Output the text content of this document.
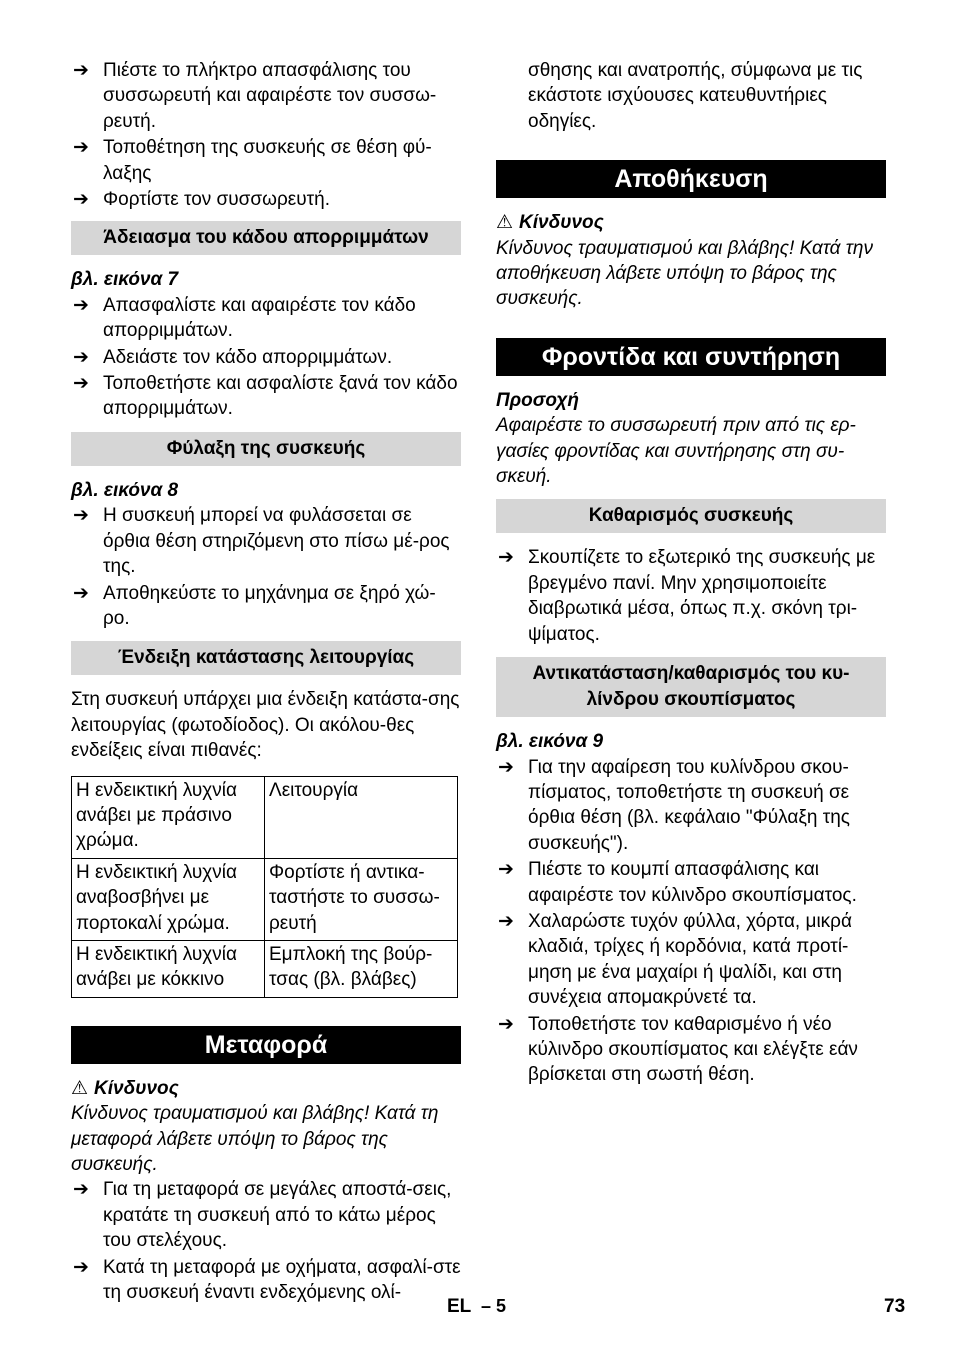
➔ Πιέστε το πλήκτρο απασφάλισης του συσσωρευτή και αφαιρέστε τον συσσω-ρευτή.
➔ Τοποθέτηση της συσκευής σε θέση φύ-λαξης
➔ Φορτίστε τον συσσωρευτή.
Άδειασμα του κάδου απορριμμάτων
βλ. εικόνα 7
➔ Απασφαλίστε και αφαιρέστε τον κάδο απορριμμάτων.
➔ Αδειάστε τον κάδο απορριμμάτων.
➔ Τοποθετήστε και ασφαλίστε ξανά τον κάδο απορριμμάτων.
Φύλαξη της συσκευής
βλ. εικόνα 8
➔ Η συσκευή μπορεί να φυλάσσεται σε όρθια θέση στηριζόμενη στο πίσω μέ-ρος της.
➔ Αποθηκεύστε το μηχάνημα σε ξηρό χώ-ρο.
Ένδειξη κατάστασης λειτουργίας

Στη συσκευή υπάρχει μια ένδειξη κατάστα-σης λειτουργίας (φωτοδίοδος). Οι ακόλου-θες ενδείξεις είναι πιθανές:

Η ενδεικτική λυχνία ανάβει με πράσινο χρώμα.	Λειτουργία
Η ενδεικτική λυχνία αναβοσβήνει με πορτοκαλί χρώμα.	Φορτίστε ή αντικα-ταστήστε το συσσω-ρευτή
Η ενδεικτική λυχνία ανάβει με κόκκινο	Εμπλοκή της βούρ-τσας (βλ. βλάβες)
Μεταφορά
⚠ Κίνδυνος

Κίνδυνος τραυματισμού και βλάβης! Κατά τη μεταφορά λάβετε υπόψη το βάρος της συσκευής.

➔ Για τη μεταφορά σε μεγάλες αποστά-σεις, κρατάτε τη συσκευή από το κάτω μέρος του στελέχους.
➔ Κατά τη μεταφορά με οχήματα, ασφαλί-στε τη συσκευή έναντι ενδεχόμενης ολί-

σθησης και ανατροπής, σύμφωνα με τις εκάστοτε ισχύουσες κατευθυντήριες οδηγίες.

Αποθήκευση
⚠ Κίνδυνος

Κίνδυνος τραυματισμού και βλάβης! Κατά την αποθήκευση λάβετε υπόψη το βάρος της συσκευής.

Φροντίδα και συντήρηση
Προσοχή

Αφαιρέστε το συσσωρευτή πριν από τις ερ-γασίες φροντίδας και συντήρησης στη συ-σκευή.

Καθαρισμός συσκευής
➔ Σκουπίζετε το εξωτερικό της συσκευής με βρεγμένο πανί. Μην χρησιμοποιείτε διαβρωτικά μέσα, όπως π.χ. σκόνη τρι-ψίματος.
Αντικατάσταση/καθαρισμός του κυ-λίνδρου σκουπίσματος
βλ. εικόνα 9
➔ Για την αφαίρεση του κυλίνδρου σκου-πίσματος, τοποθετήστε τη συσκευή σε όρθια θέση (βλ. κεφάλαιο "Φύλαξη της συσκευής").
➔ Πιέστε το κουμπί απασφάλισης και αφαιρέστε τον κύλινδρο σκουπίσματος.
➔ Χαλαρώστε τυχόν φύλλα, χόρτα, μικρά κλαδιά, τρίχες ή κορδόνια, κατά προτί-μηση με ένα μαχαίρι ή ψαλίδι, και στη συνέχεια απομακρύνετέ τα.
➔ Τοποθετήστε τον καθαρισμένο ή νέο κύλινδρο σκουπίσματος και ελέγξτε εάν βρίσκεται στη σωστή θέση.
EL – 5	73
